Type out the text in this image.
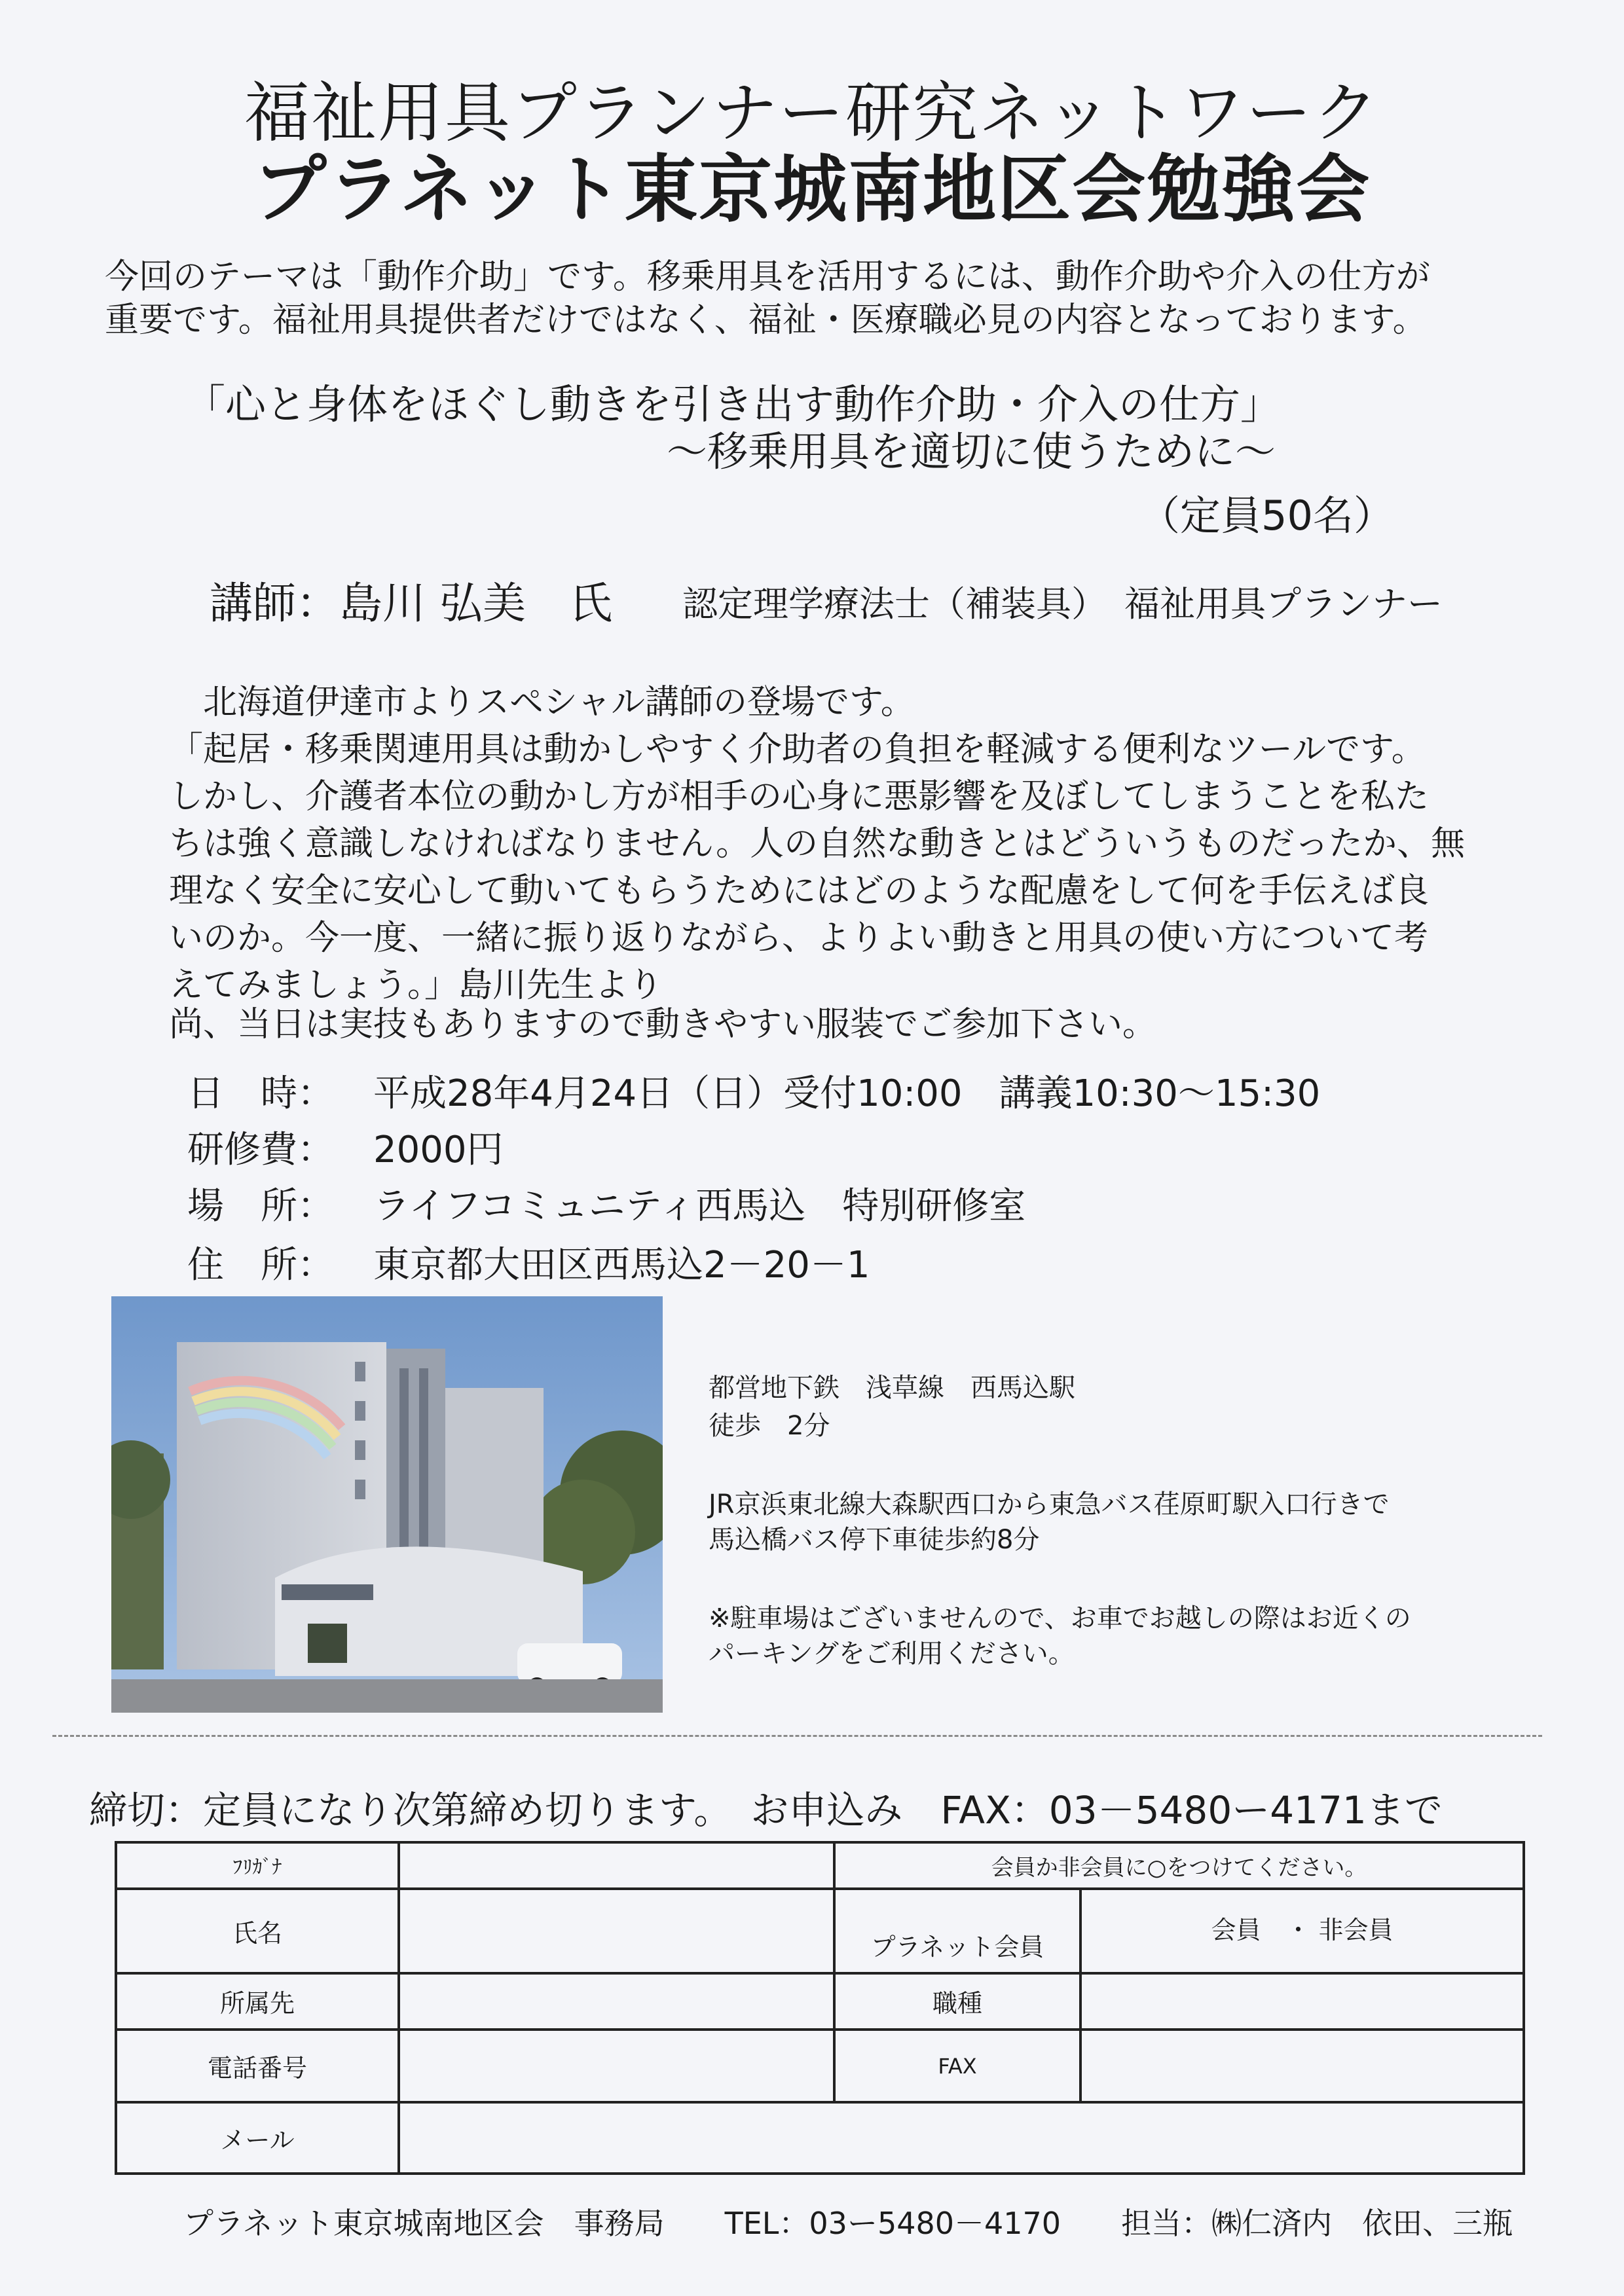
福祉用具プランナー研究ネットワーク
プラネット東京城南地区会勉強会
今回のテーマは「動作介助」です。移乗用具を活用するには、動作介助や介入の仕方が
重要です。福祉用具提供者だけではなく、福祉・医療職必見の内容となっております。
「心と身体をほぐし動きを引き出す動作介助・介入の仕方」
～移乗用具を適切に使うために～
（定員50名）
講師：島川 弘美　氏 認定理学療法士（補装具）　福祉用具プランナー
　北海道伊達市よりスペシャル講師の登場です。
「起居・移乗関連用具は動かしやすく介助者の負担を軽減する便利なツールです。
しかし、介護者本位の動かし方が相手の心身に悪影響を及ぼしてしまうことを私た
ちは強く意識しなければなりません。人の自然な動きとはどういうものだったか、無
理なく安全に安心して動いてもらうためにはどのような配慮をして何を手伝えば良
いのか。今一度、一緒に振り返りながら、よりよい動きと用具の使い方について考
えてみましょう。」島川先生より
尚、当日は実技もありますので動きやすい服装でご参加下さい。
日　時： 平成28年4月24日（日）受付10:00　講義10:30～15:30
研修費： 2000円
場　所： ライフコミュニティ西馬込　特別研修室
住　所： 東京都大田区西馬込2－20－1
都営地下鉄　浅草線　西馬込駅
徒歩　2分
JR京浜東北線大森駅西口から東急バス荏原町駅入口行きで
馬込橋バス停下車徒歩約8分
※駐車場はございませんので、お車でお越しの際はお近くの
パーキングをご利用ください。
締切：定員になり次第締め切ります。　お申込み　FAX：03－5480ー4171まで
ﾌﾘｶﾞﾅ		会員か非会員に○をつけてください。	
氏名		プラネット会員	会員　・ 非会員
所属先		職種	
電話番号		FAX	
メール			
プラネット東京城南地区会　事務局　　TEL：03ー5480－4170　　担当：㈱仁済内　依田、三瓶
